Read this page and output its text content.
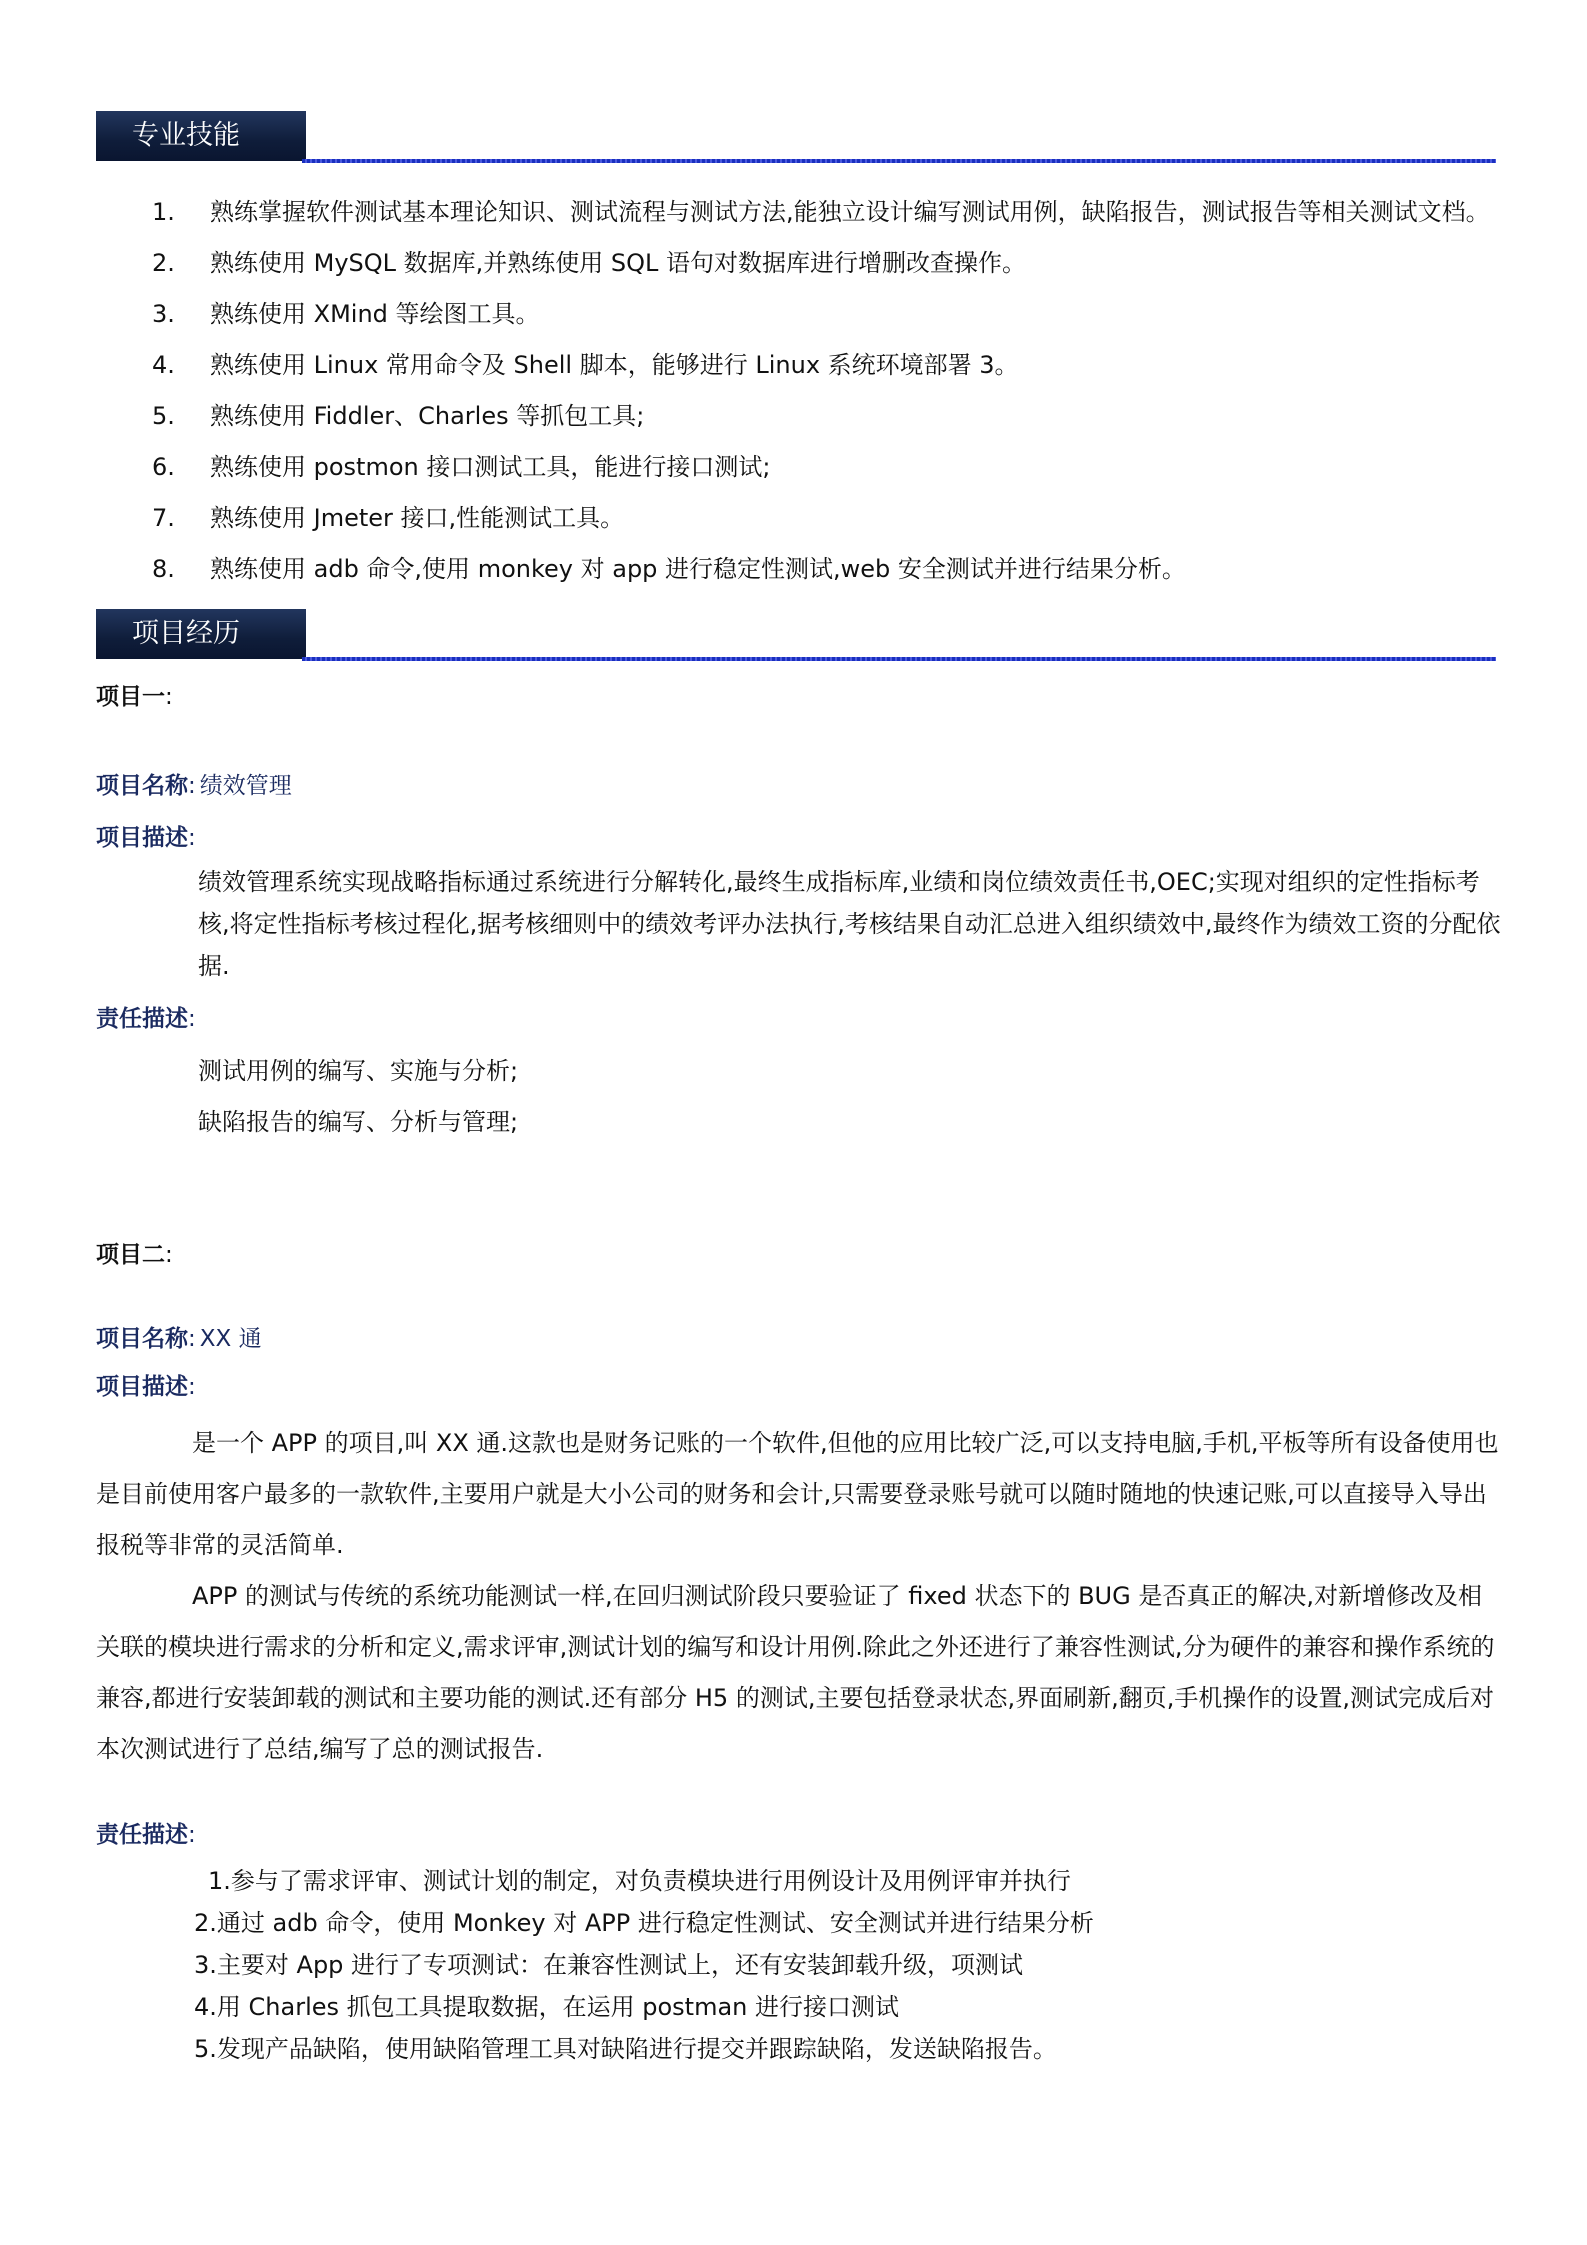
专业技能
1.	熟练掌握软件测试基本理论知识、测试流程与测试方法,能独立设计编写测试用例，缺陷报告，测试报告等相关测试文档。
2.	熟练使用 MySQL 数据库,并熟练使用 SQL 语句对数据库进行增删改查操作。
3.	熟练使用 XMind 等绘图工具。
4.	熟练使用 Linux 常用命令及 Shell 脚本，能够进行 Linux 系统环境部署 3。
5.	熟练使用 Fiddler、Charles 等抓包工具;
6.	熟练使用 postmon 接口测试工具，能进行接口测试;
7.	熟练使用 Jmeter 接口,性能测试工具。
8.	熟练使用 adb 命令,使用 monkey 对 app 进行稳定性测试,web 安全测试并进行结果分析。
项目经历
项目一:
项目名称: 绩效管理
项目描述:
绩效管理系统实现战略指标通过系统进行分解转化,最终生成指标库,业绩和岗位绩效责任书,OEC;实现对组织的定性指标考核,将定性指标考核过程化,据考核细则中的绩效考评办法执行,考核结果自动汇总进入组织绩效中,最终作为绩效工资的分配依据.
责任描述:
测试用例的编写、实施与分析;
缺陷报告的编写、分析与管理;
项目二:
项目名称: XX 通
项目描述:
是一个 APP 的项目,叫 XX 通.这款也是财务记账的一个软件,但他的应用比较广泛,可以支持电脑,手机,平板等所有设备使用也是目前使用客户最多的一款软件,主要用户就是大小公司的财务和会计,只需要登录账号就可以随时随地的快速记账,可以直接导入导出报税等非常的灵活简单.
APP 的测试与传统的系统功能测试一样,在回归测试阶段只要验证了 fixed 状态下的 BUG 是否真正的解决,对新增修改及相关联的模块进行需求的分析和定义,需求评审,测试计划的编写和设计用例.除此之外还进行了兼容性测试,分为硬件的兼容和操作系统的兼容,都进行安装卸载的测试和主要功能的测试.还有部分 H5 的测试,主要包括登录状态,界面刷新,翻页,手机操作的设置,测试完成后对本次测试进行了总结,编写了总的测试报告.
责任描述:
1.参与了需求评审、测试计划的制定，对负责模块进行用例设计及用例评审并执行
2.通过 adb 命令，使用 Monkey 对 APP 进行稳定性测试、安全测试并进行结果分析
3.主要对 App 进行了专项测试：在兼容性测试上，还有安装卸载升级，项测试
4.用 Charles 抓包工具提取数据，在运用 postman 进行接口测试
5.发现产品缺陷，使用缺陷管理工具对缺陷进行提交并跟踪缺陷，发送缺陷报告。
